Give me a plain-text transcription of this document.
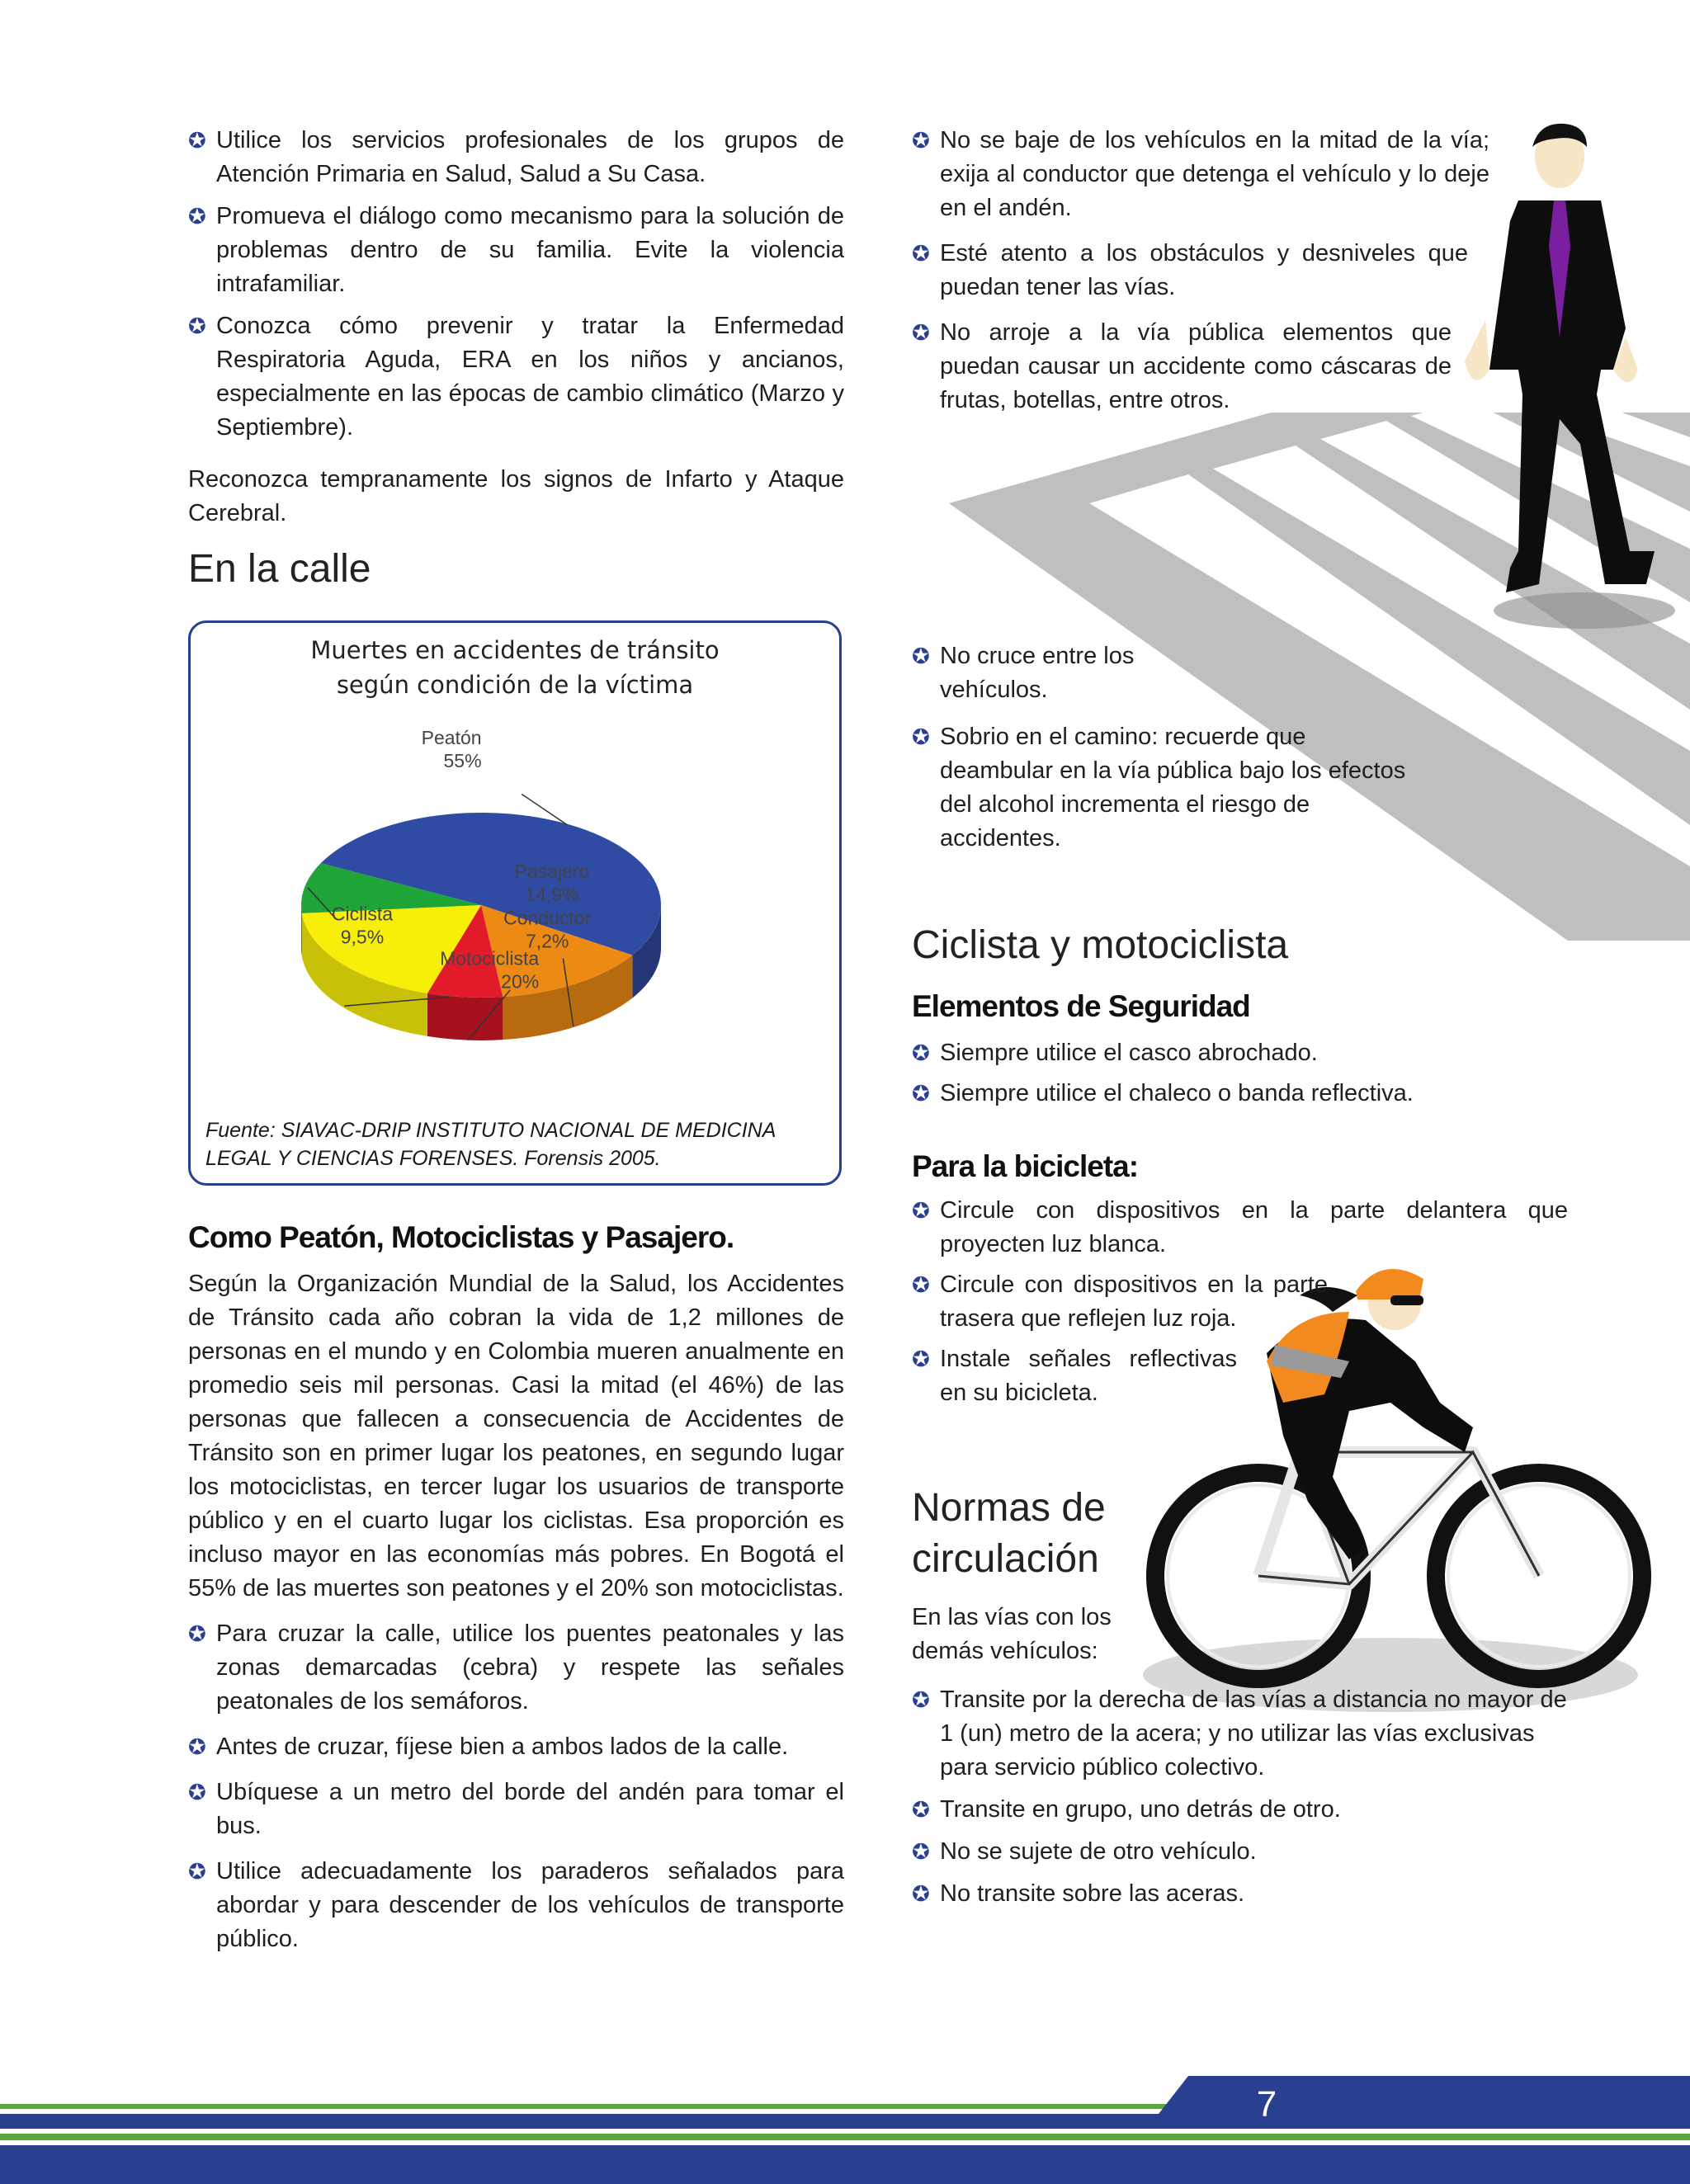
✪ Utilice los servicios profesionales de los grupos de Atención Primaria en Salud, Salud a Su Casa.
✪ Promueva el diálogo como mecanismo para la solución de problemas dentro de su familia. Evite la violencia intrafamiliar.
✪ Conozca cómo prevenir y tratar la Enfermedad Respiratoria Aguda, ERA en los niños y ancianos, especialmente en las épocas de cambio climático (Marzo y Septiembre).

Reconozca tempranamente los signos de Infarto y Ataque Cerebral.

En la calle
Muertes en accidentes de tránsito
según condición de la víctima
Peatón
55%
Pasajero
14,9%
Conductor
7,2%
Motociclista
20%
Ciclista
9,5%
Fuente: SIAVAC-DRIP INSTITUTO NACIONAL DE MEDICINA
LEGAL Y CIENCIAS FORENSES. Forensis 2005.
Como Peatón, Motociclistas y Pasajero.

Según la Organización Mundial de la Salud, los Accidentes de Tránsito cada año cobran la vida de 1,2 millones de personas en el mundo y en Colombia mueren anualmente en promedio seis mil personas. Casi la mitad (el 46%) de las personas que fallecen a consecuencia de Accidentes de Tránsito son en primer lugar los peatones, en segundo lugar los motociclistas, en tercer lugar los usuarios de transporte público y en el cuarto lugar los ciclistas. Esa proporción es incluso mayor en las economías más pobres. En Bogotá el 55% de las muertes son peatones y el 20% son motociclistas.

✪ Para cruzar la calle, utilice los puentes peatonales y las zonas demarcadas (cebra) y respete las señales peatonales de los semáforos.
✪ Antes de cruzar, fíjese bien a ambos lados de la calle.
✪ Ubíquese a un metro del borde del andén para tomar el bus.
✪ Utilice adecuadamente los paraderos señalados para abordar y para descender de los vehículos de transporte público.
✪ No se baje de los vehículos en la mitad de la vía; exija al conductor que detenga el vehículo y lo deje en el andén.
✪ Esté atento a los obstáculos y desniveles que puedan tener las vías.
✪ No arroje a la vía pública elementos que puedan causar un accidente como cáscaras de frutas, botellas, entre otros.
✪ No cruce entre los vehículos.
✪ Sobrio en el camino: recuerde que deambular en la vía pública bajo los efectos del alcohol incrementa el riesgo de accidentes.
Ciclista y motociclista
Elementos de Seguridad
✪ Siempre utilice el casco abrochado.
✪ Siempre utilice el chaleco o banda reflectiva.
Para la bicicleta:
✪ Circule con dispositivos en la parte delantera que proyecten luz blanca.
✪ Circule con dispositivos en la parte trasera que reflejen luz roja.
✪ Instale señales reflectivas en su bicicleta.
Normas de
circulación

En las vías con los demás vehículos:

✪ Transite por la derecha de las vías a distancia no mayor de 1 (un) metro de la acera; y no utilizar las vías exclusivas para servicio público colectivo.
✪ Transite en grupo, uno detrás de otro.
✪ No se sujete de otro vehículo.
✪ No transite sobre las aceras.
7
